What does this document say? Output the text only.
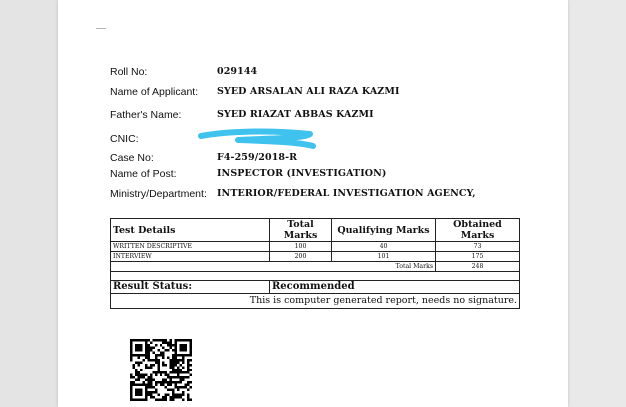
Roll No:	029144
Name of Applicant: SYED ARSALAN ALI RAZA KAZMI
Father's Name:	SYED RIAZAT ABBAS KAZMI
CNIC:
Case No:	F4-259/2018-R
Name of Post:	INSPECTOR (INVESTIGATION)
Ministry/Department: INTERIOR/FEDERAL INVESTIGATION AGENCY,
Test Details	Total Marks	Qualifying Marks	Obtained Marks
WRITTEN DESCRIPTIVE	100	40	73
INTERVIEW	200	101	175
Total Marks			248

Result Status:	Recommended		
This is computer generated report, needs no signature.			
